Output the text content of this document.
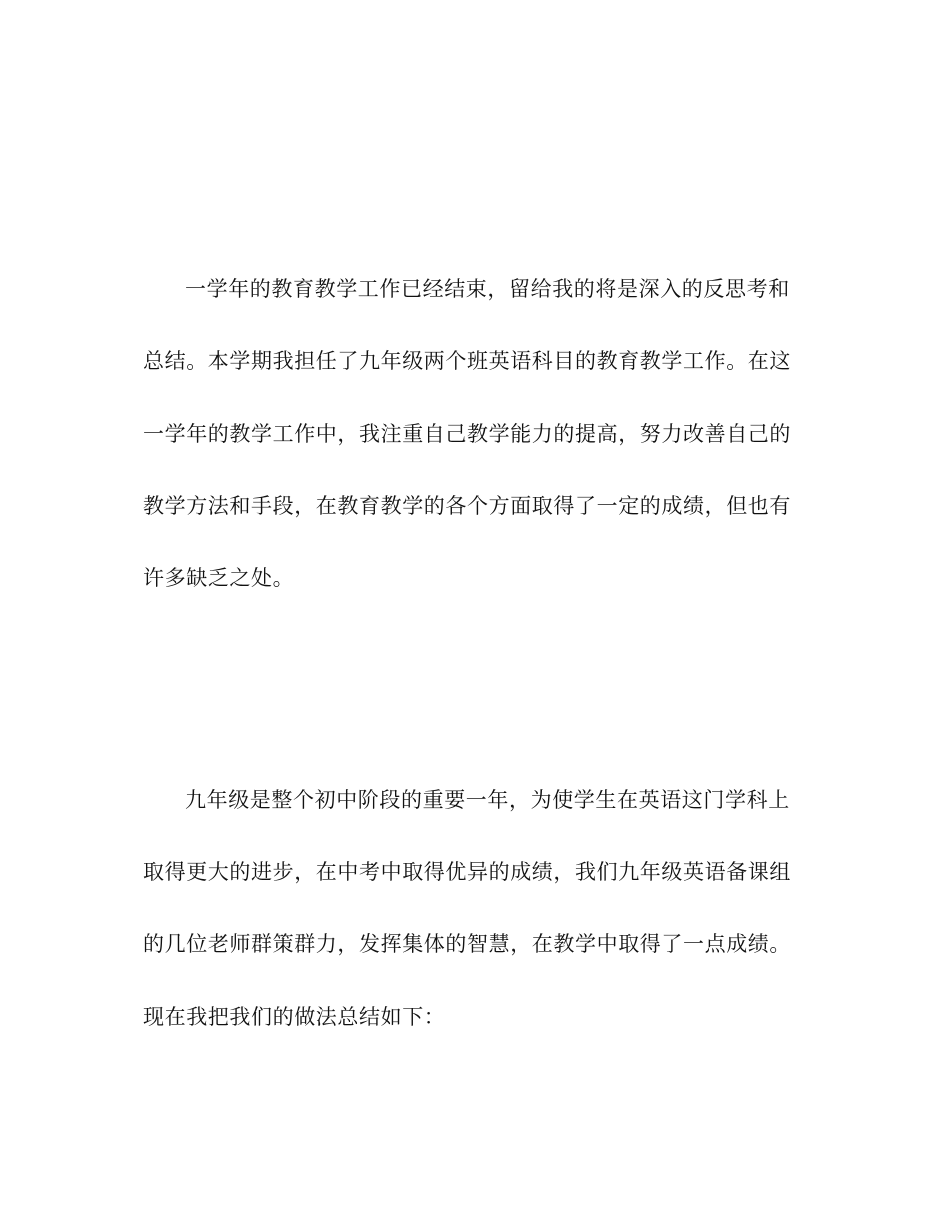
一学年的教育教学工作已经结束，留给我的将是深入的反思考和
总结。本学期我担任了九年级两个班英语科目的教育教学工作。在这
一学年的教学工作中，我注重自己教学能力的提高，努力改善自己的
教学方法和手段，在教育教学的各个方面取得了一定的成绩，但也有
许多缺乏之处。
九年级是整个初中阶段的重要一年，为使学生在英语这门学科上
取得更大的进步，在中考中取得优异的成绩，我们九年级英语备课组
的几位老师群策群力，发挥集体的智慧，在教学中取得了一点成绩。
现在我把我们的做法总结如下：
